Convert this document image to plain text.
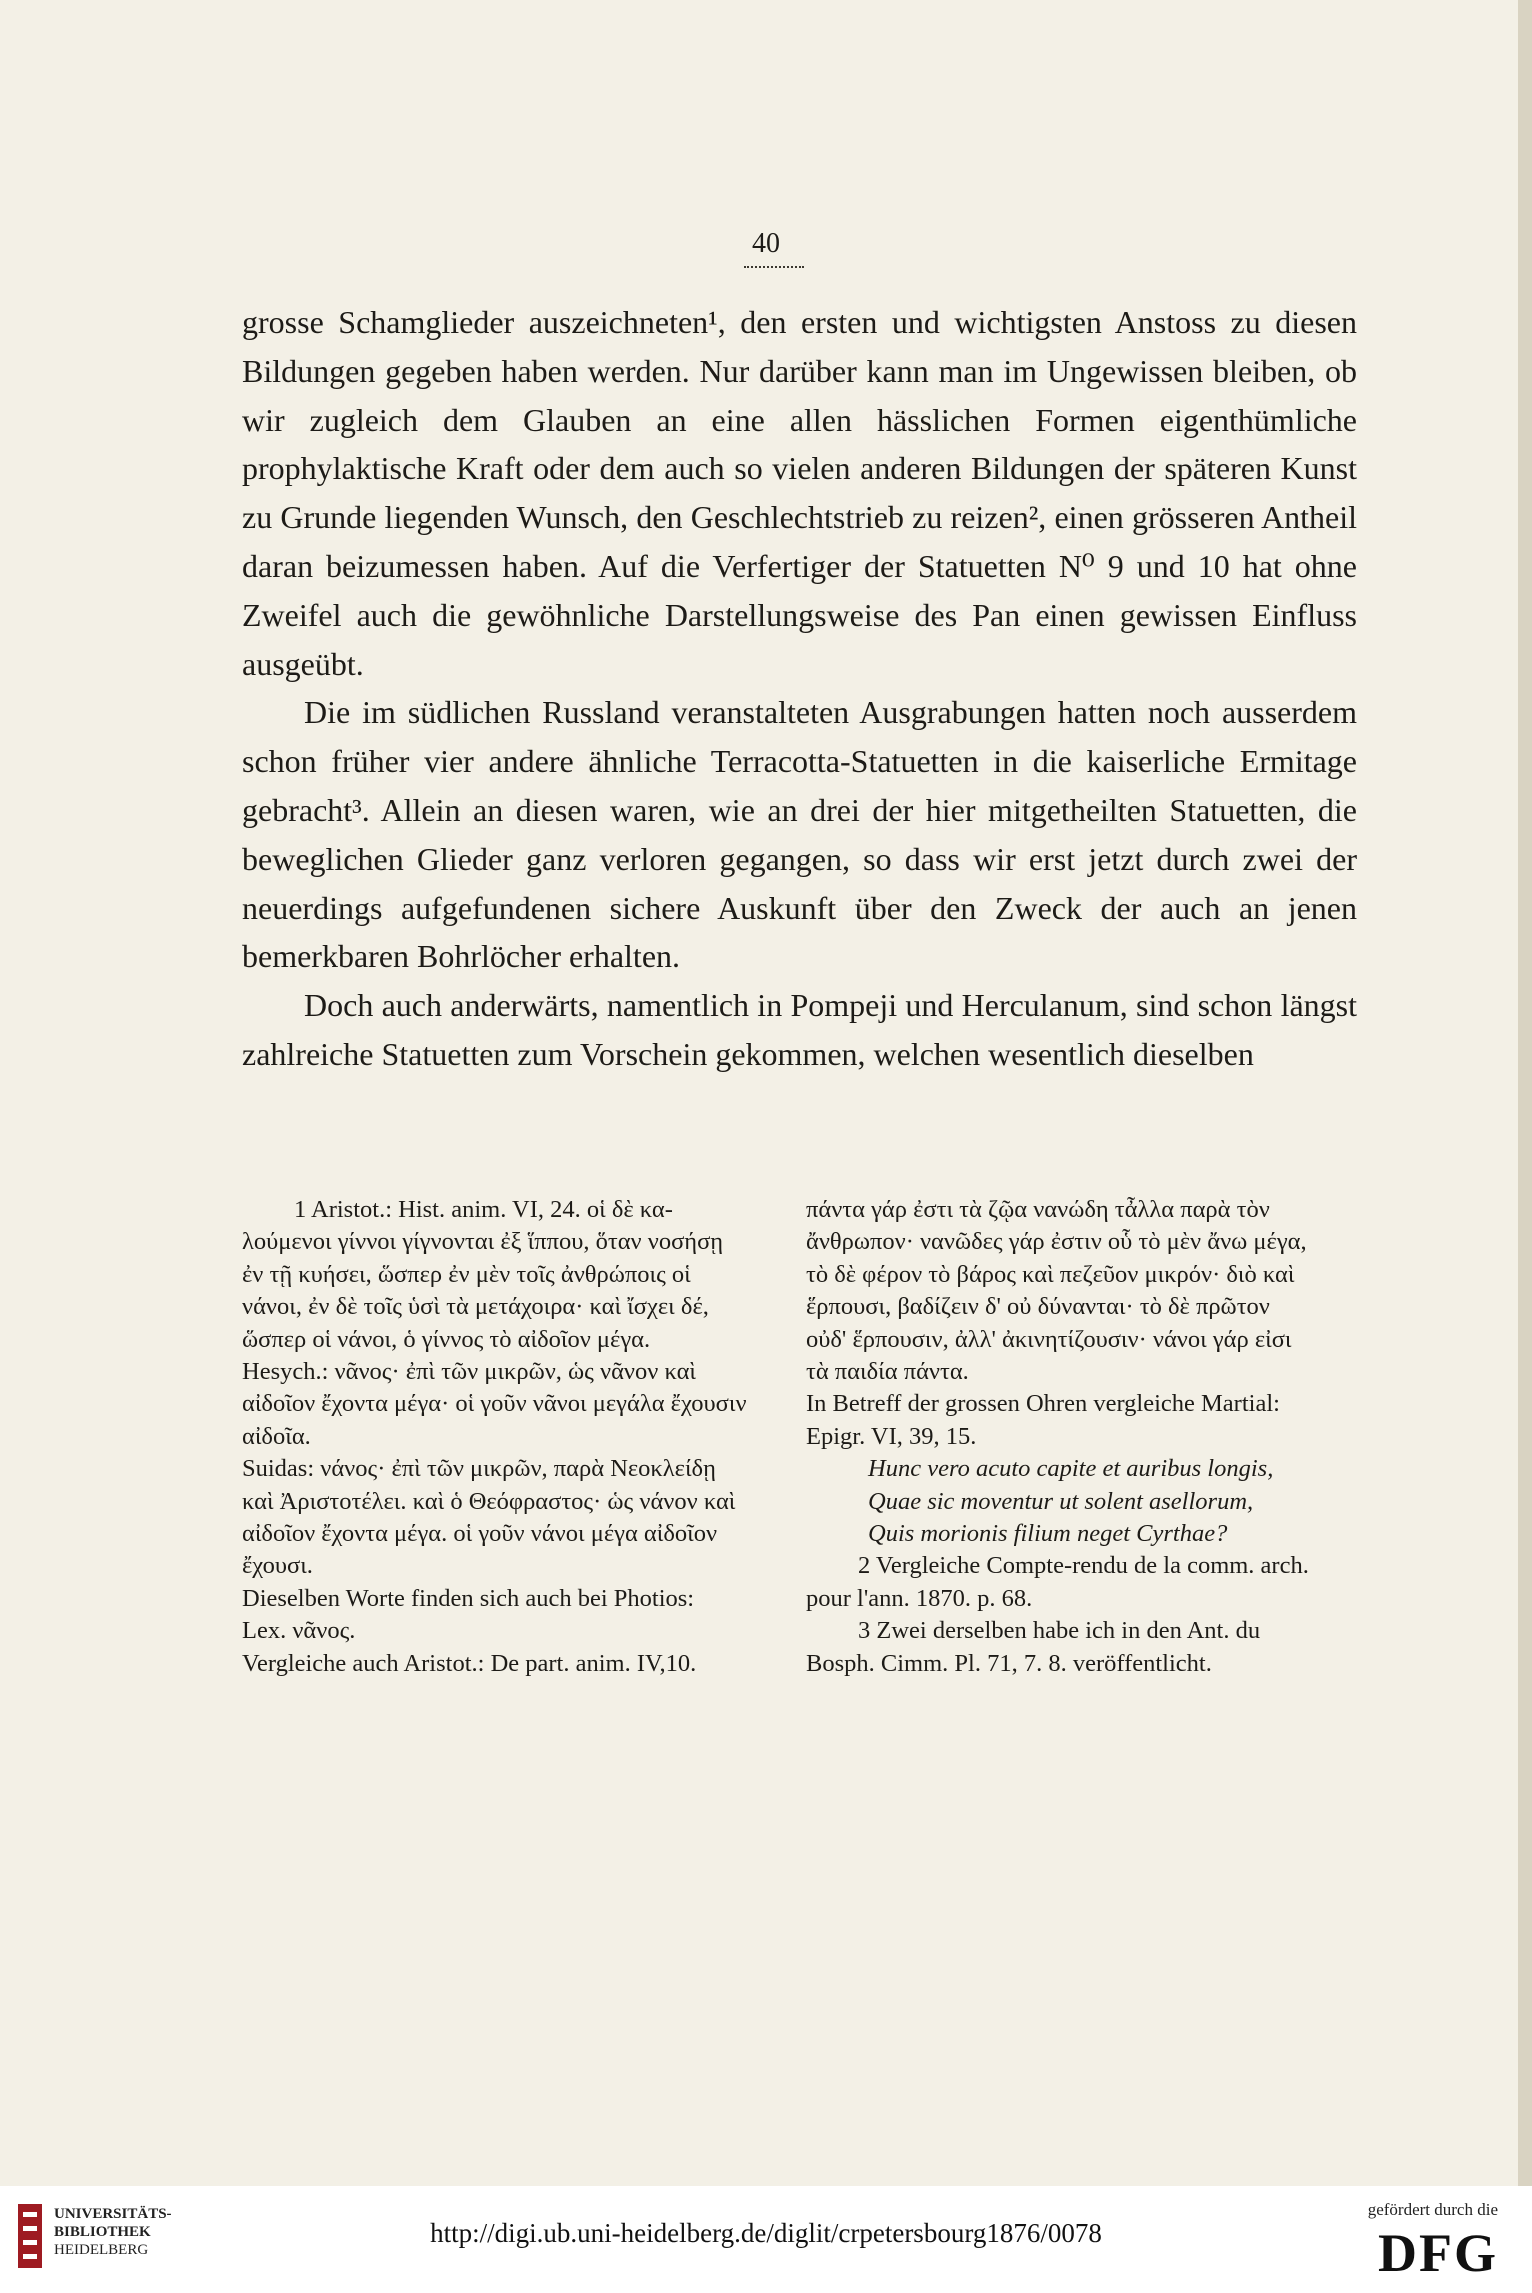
40

grosse Schamglieder auszeichneten¹, den ersten und wichtigsten Anstoss zu diesen Bildungen gegeben haben werden. Nur darüber kann man im Ungewissen bleiben, ob wir zugleich dem Glauben an eine allen hässlichen Formen eigenthümliche prophylaktische Kraft oder dem auch so vielen anderen Bildungen der späteren Kunst zu Grunde liegenden Wunsch, den Geschlechtstrieb zu reizen², einen grösseren Antheil daran beizumessen haben. Auf die Verfertiger der Statuetten N⁰ 9 und 10 hat ohne Zweifel auch die gewöhnliche Darstellungsweise des Pan einen gewissen Einfluss ausgeübt.

Die im südlichen Russland veranstalteten Ausgrabungen hatten noch ausserdem schon früher vier andere ähnliche Terracotta-Statuetten in die kaiserliche Ermitage gebracht³. Allein an diesen waren, wie an drei der hier mitgetheilten Statuetten, die beweglichen Glieder ganz verloren gegangen, so dass wir erst jetzt durch zwei der neuerdings aufgefundenen sichere Auskunft über den Zweck der auch an jenen bemerkbaren Bohrlöcher erhalten.

Doch auch anderwärts, namentlich in Pompeji und Herculanum, sind schon längst zahlreiche Statuetten zum Vorschein gekommen, welchen wesentlich dieselben

1 Aristot.: Hist. anim. VI, 24. οἱ δὲ κα-

λούμενοι γίννοι γίγνονται ἐξ ἵππου, ὅταν νοσήσῃ

ἐν τῇ κυήσει, ὥσπερ ἐν μὲν τοῖς ἀνθρώποις οἱ

νάνοι, ἐν δὲ τοῖς ὑσὶ τὰ μετάχοιρα· καὶ ἴσχει δέ,

ὥσπερ οἱ νάνοι, ὁ γίννος τὸ αἰδοῖον μέγα.

Hesych.: νᾶνος· ἐπὶ τῶν μικρῶν, ὡς νᾶνον καὶ

αἰδοῖον ἔχοντα μέγα· οἱ γοῦν νᾶνοι μεγάλα ἔχουσιν

αἰδοῖα.

Suidas: νάνος· ἐπὶ τῶν μικρῶν, παρὰ Νεοκλείδῃ

καὶ Ἀριστοτέλει. καὶ ὁ Θεόφραστος· ὡς νάνον καὶ

αἰδοῖον ἔχοντα μέγα. οἱ γοῦν νάνοι μέγα αἰδοῖον

ἔχουσι.

Dieselben Worte finden sich auch bei Photios:

Lex. νᾶνος.

Vergleiche auch Aristot.: De part. anim. IV,10.

πάντα γάρ ἐστι τὰ ζῷα νανώδη τἆλλα παρὰ τὸν

ἄνθρωπον· νανῶδες γάρ ἐστιν οὗ τὸ μὲν ἄνω μέγα,

τὸ δὲ φέρον τὸ βάρος καὶ πεζεῦον μικρόν· διὸ καὶ

ἕρπουσι, βαδίζειν δ' οὐ δύνανται· τὸ δὲ πρῶτον

οὐδ' ἕρπουσιν, ἀλλ' ἀκινητίζουσιν· νάνοι γάρ εἰσι

τὰ παιδία πάντα.

In Betreff der grossen Ohren vergleiche Martial:

Epigr. VI, 39, 15.

Hunc vero acuto capite et auribus longis,

Quae sic moventur ut solent asellorum,

Quis morionis filium neget Cyrthae?

2 Vergleiche Compte-rendu de la comm. arch.

pour l'ann. 1870. p. 68.

3 Zwei derselben habe ich in den Ant. du

Bosph. Cimm. Pl. 71, 7. 8. veröffentlicht.

UNIVERSITÄTS-
BIBLIOTHEK
HEIDELBERG
http://digi.ub.uni-heidelberg.de/diglit/crpetersbourg1876/0078
gefördert durch die
DFG
